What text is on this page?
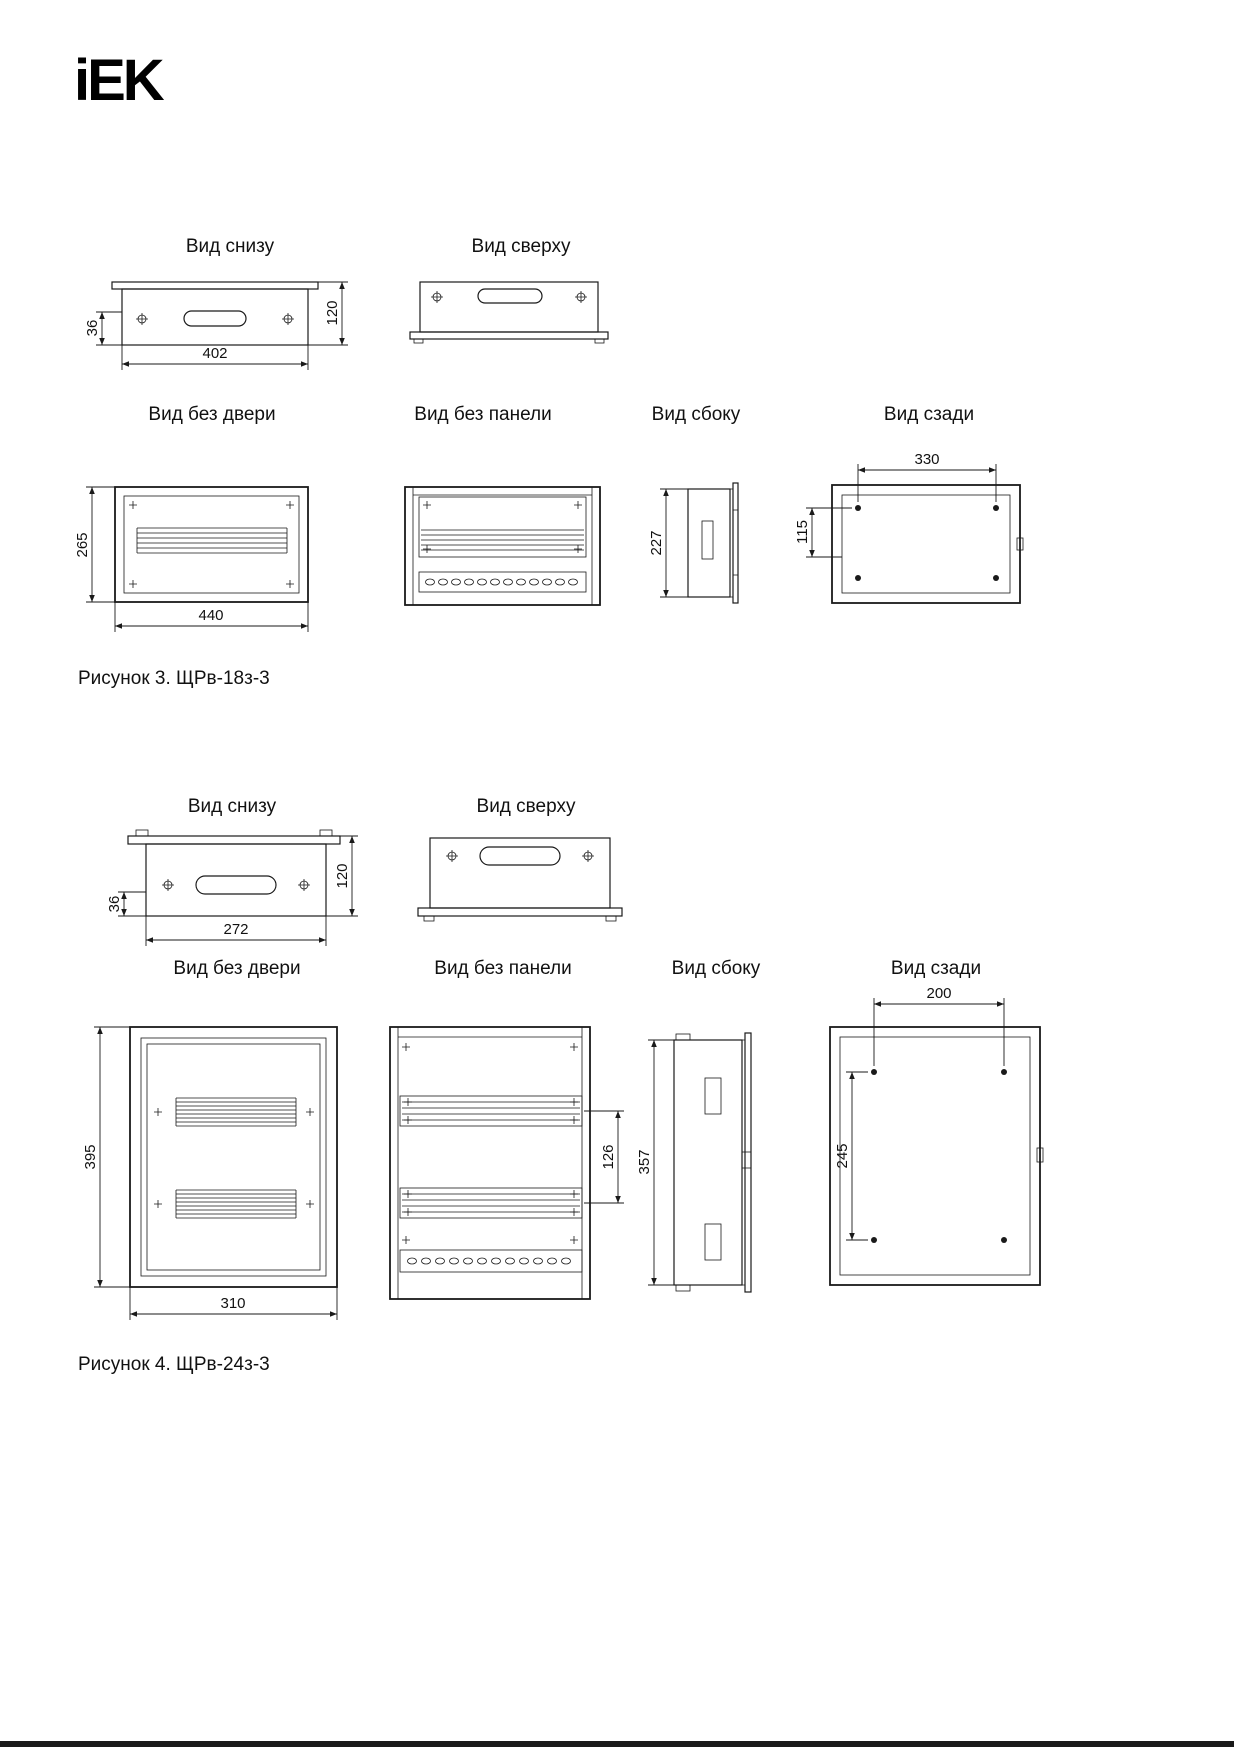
iEK
Вид снизу	Вид сверху
36
402
120
Вид без двери	Вид без панели	Вид сбоку	Вид сзади
265
440
227
330
115
Рисунок 3. ЩРв-18з-3
Вид снизу	Вид сверху
36
272
120
Вид без двери	Вид без панели	Вид сбоку	Вид сзади
395
310
126 357
200
245
Рисунок 4. ЩРв-24з-3
